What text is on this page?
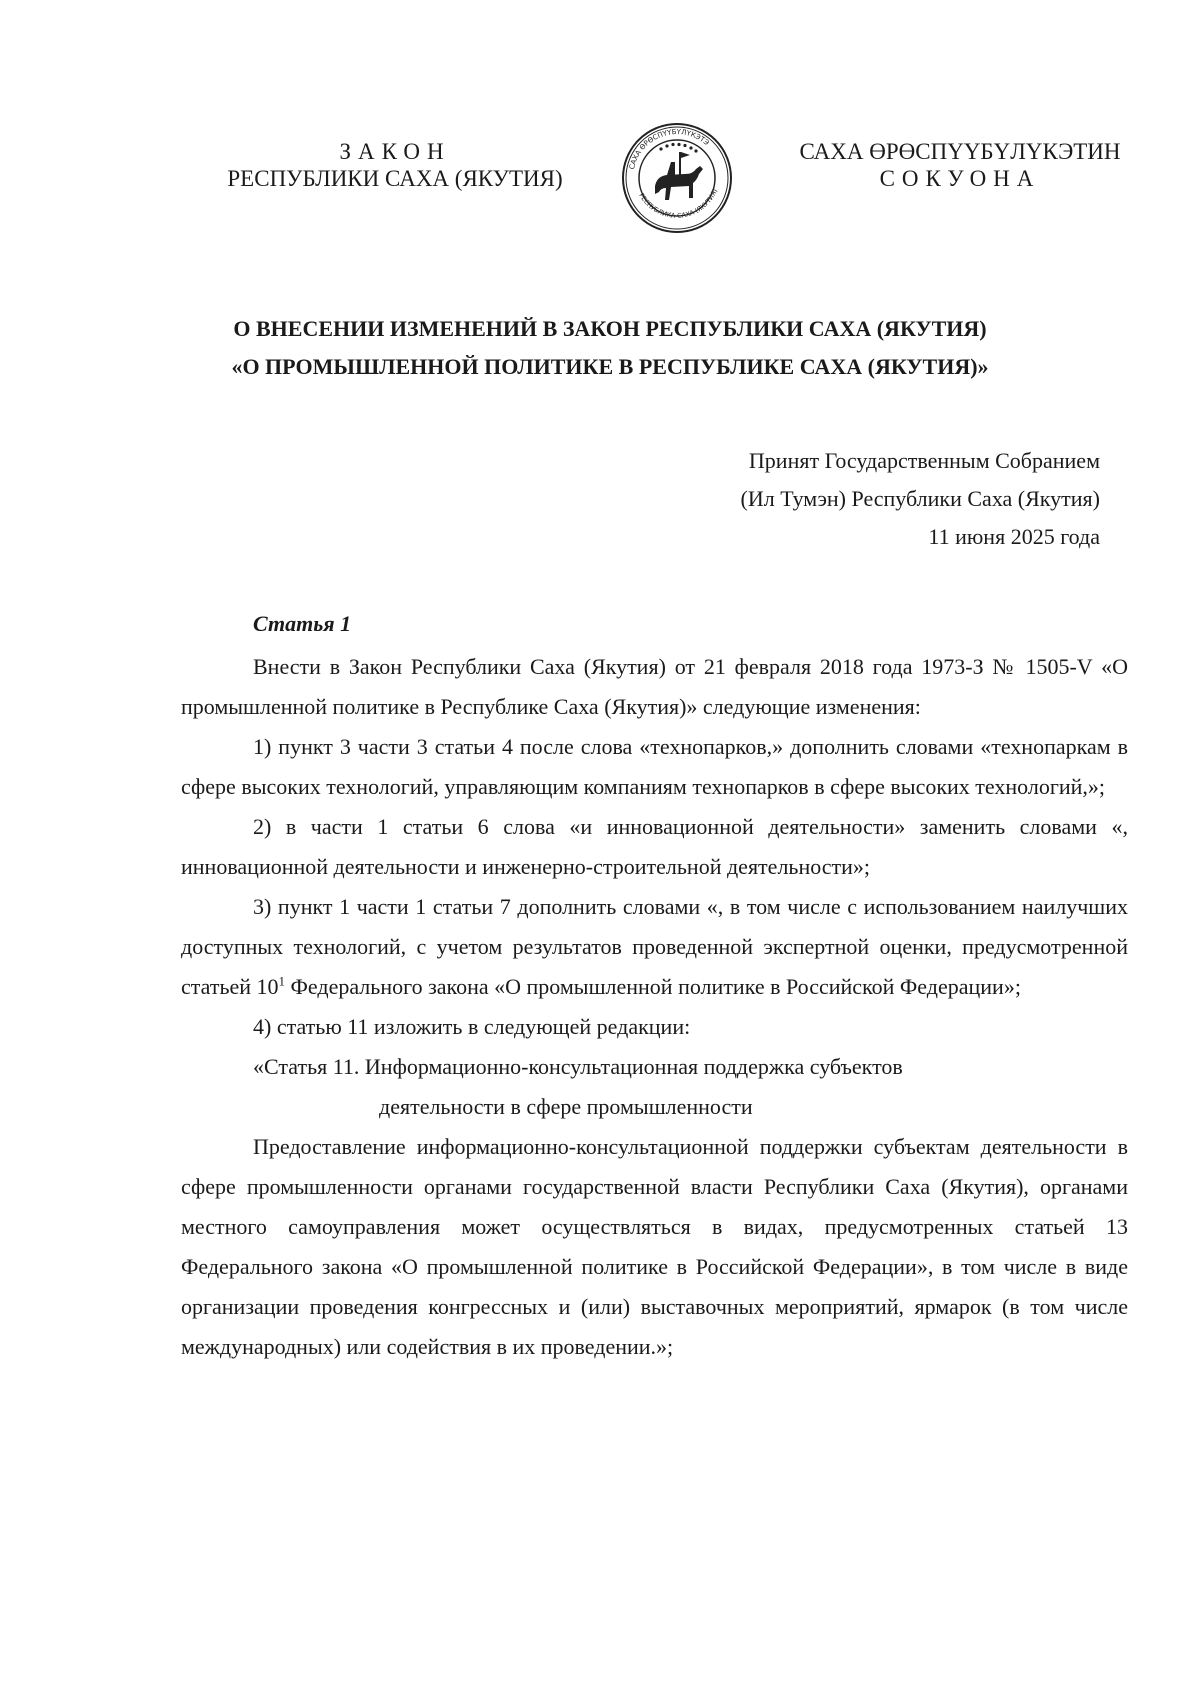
ЗАКОН
РЕСПУБЛИКИ САХА (ЯКУТИЯ)	САХА ӨРӨСПҮҮБҮЛҮКЭТЭ
РЕСПУБЛИКА САХА (ЯКУТИЯ)
САХА ӨРӨСПҮҮБҮЛҮКЭТИН
СОКУОНА
О ВНЕСЕНИИ ИЗМЕНЕНИЙ В ЗАКОН РЕСПУБЛИКИ САХА (ЯКУТИЯ)
«О ПРОМЫШЛЕННОЙ ПОЛИТИКЕ В РЕСПУБЛИКЕ САХА (ЯКУТИЯ)»
Принят Государственным Собранием
(Ил Тумэн) Республики Саха (Якутия)
11 июня 2025 года
Статья 1

Внести в Закон Республики Саха (Якутия) от 21 февраля 2018 года 1973-З № 1505-V «О промышленной политике в Республике Саха (Якутия)» следующие изменения:

1) пункт 3 части 3 статьи 4 после слова «технопарков,» дополнить словами «технопаркам в сфере высоких технологий, управляющим компаниям технопарков в сфере высоких технологий,»;

2) в части 1 статьи 6 слова «и инновационной деятельности» заменить словами «, инновационной деятельности и инженерно-строительной деятельности»;

3) пункт 1 части 1 статьи 7 дополнить словами «, в том числе с использованием наилучших доступных технологий, с учетом результатов проведенной экспертной оценки, предусмотренной статьей $10^1$ Федерального закона «О промышленной политике в Российской Федерации»;

4) статью 11 изложить в следующей редакции:

«Статья 11. Информационно-консультационная поддержка субъектов

деятельности в сфере промышленности

Предоставление информационно-консультационной поддержки субъектам деятельности в сфере промышленности органами государственной власти Республики Саха (Якутия), органами местного самоуправления может осуществляться в видах, предусмотренных статьей 13 Федерального закона «О промышленной политике в Российской Федерации», в том числе в виде организации проведения конгрессных и (или) выставочных мероприятий, ярмарок (в том числе международных) или содействия в их проведении.»;
